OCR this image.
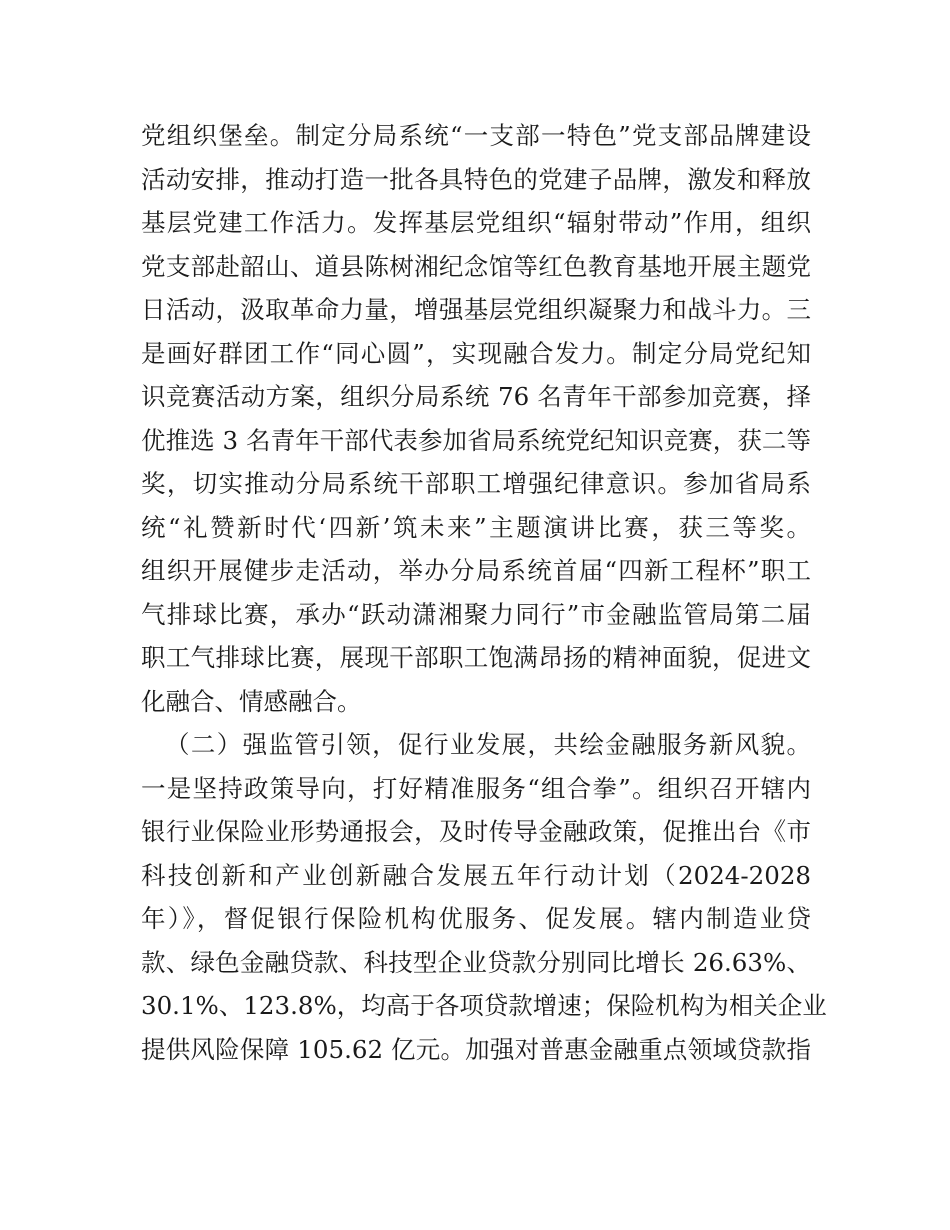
党组织堡垒。制定分局系统“一支部一特色”党支部品牌建设
活动安排，推动打造一批各具特色的党建子品牌，激发和释放
基层党建工作活力。发挥基层党组织“辐射带动”作用，组织
党支部赴韶山、道县陈树湘纪念馆等红色教育基地开展主题党
日活动，汲取革命力量，增强基层党组织凝聚力和战斗力。三
是画好群团工作“同心圆”，实现融合发力。制定分局党纪知
识竞赛活动方案，组织分局系统 76 名青年干部参加竞赛，择
优推选 3 名青年干部代表参加省局系统党纪知识竞赛，获二等
奖，切实推动分局系统干部职工增强纪律意识。参加省局系
统“礼赞新时代‘四新’筑未来”主题演讲比赛，获三等奖。
组织开展健步走活动，举办分局系统首届“四新工程杯”职工
气排球比赛，承办“跃动潇湘聚力同行”市金融监管局第二届
职工气排球比赛，展现干部职工饱满昂扬的精神面貌，促进文
化融合、情感融合。
（二）强监管引领，促行业发展，共绘金融服务新风貌。
一是坚持政策导向，打好精准服务“组合拳”。组织召开辖内
银行业保险业形势通报会，及时传导金融政策，促推出台《市
科技创新和产业创新融合发展五年行动计划（2024-2028
年）》，督促银行保险机构优服务、促发展。辖内制造业贷
款、绿色金融贷款、科技型企业贷款分别同比增长 26.63%、
30.1%、123.8%，均高于各项贷款增速；保险机构为相关企业
提供风险保障 105.62 亿元。加强对普惠金融重点领域贷款指
